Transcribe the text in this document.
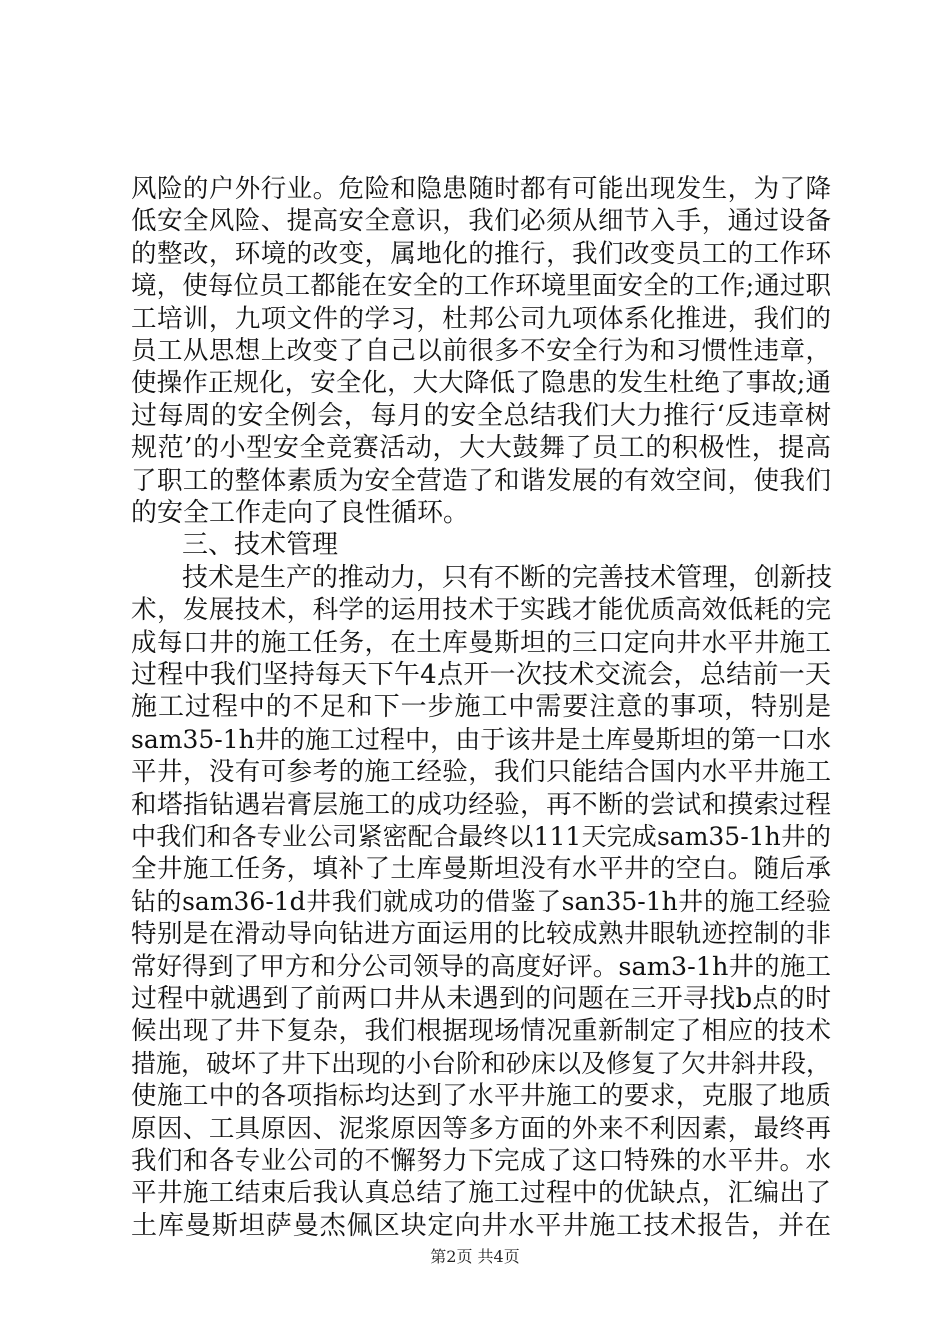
风险的户外行业。危险和隐患随时都有可能出现发生，为了降
低安全风险、提高安全意识，我们必须从细节入手，通过设备
的整改，环境的改变，属地化的推行，我们改变员工的工作环
境，使每位员工都能在安全的工作环境里面安全的工作;通过职
工培训，九项文件的学习，杜邦公司九项体系化推进，我们的
员工从思想上改变了自己以前很多不安全行为和习惯性违章，
使操作正规化，安全化，大大降低了隐患的发生杜绝了事故;通
过每周的安全例会，每月的安全总结我们大力推行‘反违章树
规范’的小型安全竞赛活动，大大鼓舞了员工的积极性，提高
了职工的整体素质为安全营造了和谐发展的有效空间，使我们
的安全工作走向了良性循环。
三、技术管理
技术是生产的推动力，只有不断的完善技术管理，创新技
术，发展技术，科学的运用技术于实践才能优质高效低耗的完
成每口井的施工任务，在土库曼斯坦的三口定向井水平井施工
过程中我们坚持每天下午4点开一次技术交流会，总结前一天
施工过程中的不足和下一步施工中需要注意的事项，特别是
sam35-1h井的施工过程中，由于该井是土库曼斯坦的第一口水
平井，没有可参考的施工经验，我们只能结合国内水平井施工
和塔指钻遇岩膏层施工的成功经验，再不断的尝试和摸索过程
中我们和各专业公司紧密配合最终以111天完成sam35-1h井的
全井施工任务，填补了土库曼斯坦没有水平井的空白。随后承
钻的sam36-1d井我们就成功的借鉴了san35-1h井的施工经验
特别是在滑动导向钻进方面运用的比较成熟井眼轨迹控制的非
常好得到了甲方和分公司领导的高度好评。sam3-1h井的施工
过程中就遇到了前两口井从未遇到的问题在三开寻找b点的时
候出现了井下复杂，我们根据现场情况重新制定了相应的技术
措施，破坏了井下出现的小台阶和砂床以及修复了欠井斜井段，
使施工中的各项指标均达到了水平井施工的要求，克服了地质
原因、工具原因、泥浆原因等多方面的外来不利因素，最终再
我们和各专业公司的不懈努力下完成了这口特殊的水平井。水
平井施工结束后我认真总结了施工过程中的优缺点，汇编出了
土库曼斯坦萨曼杰佩区块定向井水平井施工技术报告，并在
第2页 共4页
